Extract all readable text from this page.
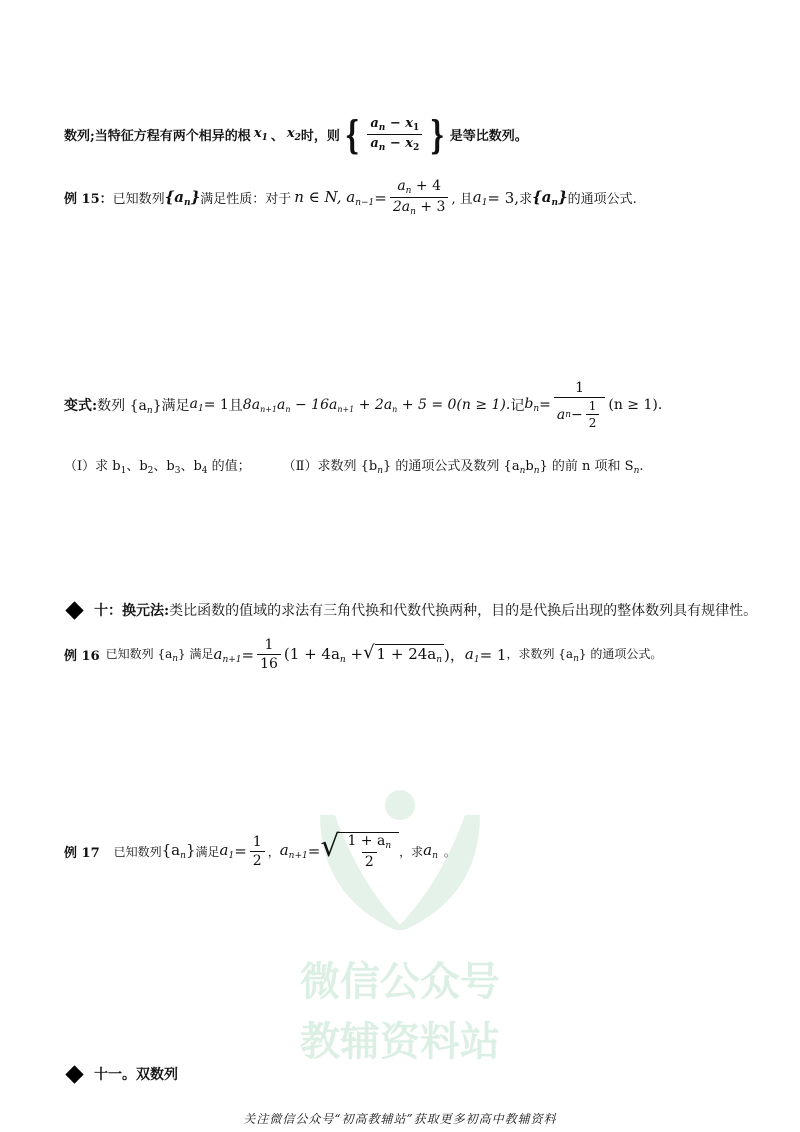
微信公众号
教辅资料站
数列;当特征方程有两个相异的根 $x_1$ 、 $x_2$ 时，则 { $\frac{a_n - x_1}{a_n - x_2}$ } 是等比数列。
例 15 ： 已知数列 $\{a_n\}$ 满足性质：对于 n ∈ N, $a_{n-1} = \frac{a_n + 4}{2a_n + 3}$ , 且 $a_1 = 3$, 求 $\{a_n\}$ 的通项公式.
变式: 数列 $\{a_n\}$ 满足 $a_1 = 1$ 且 $8a_{n+1}a_n - 16a_{n+1} + 2a_n + 5 = 0(n \ge 1)$. 记 $b_n = \frac{1}{a n - \frac{1}{2}} (n \ge 1)$.
（Ⅰ）求 $b_1$、$b_2$、$b_3$、$b_4$ 的值； （Ⅱ）求数列 $\{b_n\}$ 的通项公式及数列 $\{a_nb_n\}$ 的前 n 项和 $S_n$.
十：换元法: 类比函数的值域的求法有三角代换和代数代换两种，目的是代换后出现的整体数列具有规律性。
例 16 已知数列 $\{a_n\}$ 满足 $a_{n+1} = \frac{1}{16} (1 + 4a_n$ + √ $1 + 24a_n$ )， $a_1 = 1$ ，求数列 $\{a_n\}$ 的通项公式。
例 17 已知数列 $\{a_n\}$ 满足 $a_1 = \frac{1}{2}$ ， $a_{n+1}$ = √ $\frac{1 + a_n}{2}$ ，求 $a_n$ 。
十一。双数列
关注微信公众号“初高教辅站”获取更多初高中教辅资料
